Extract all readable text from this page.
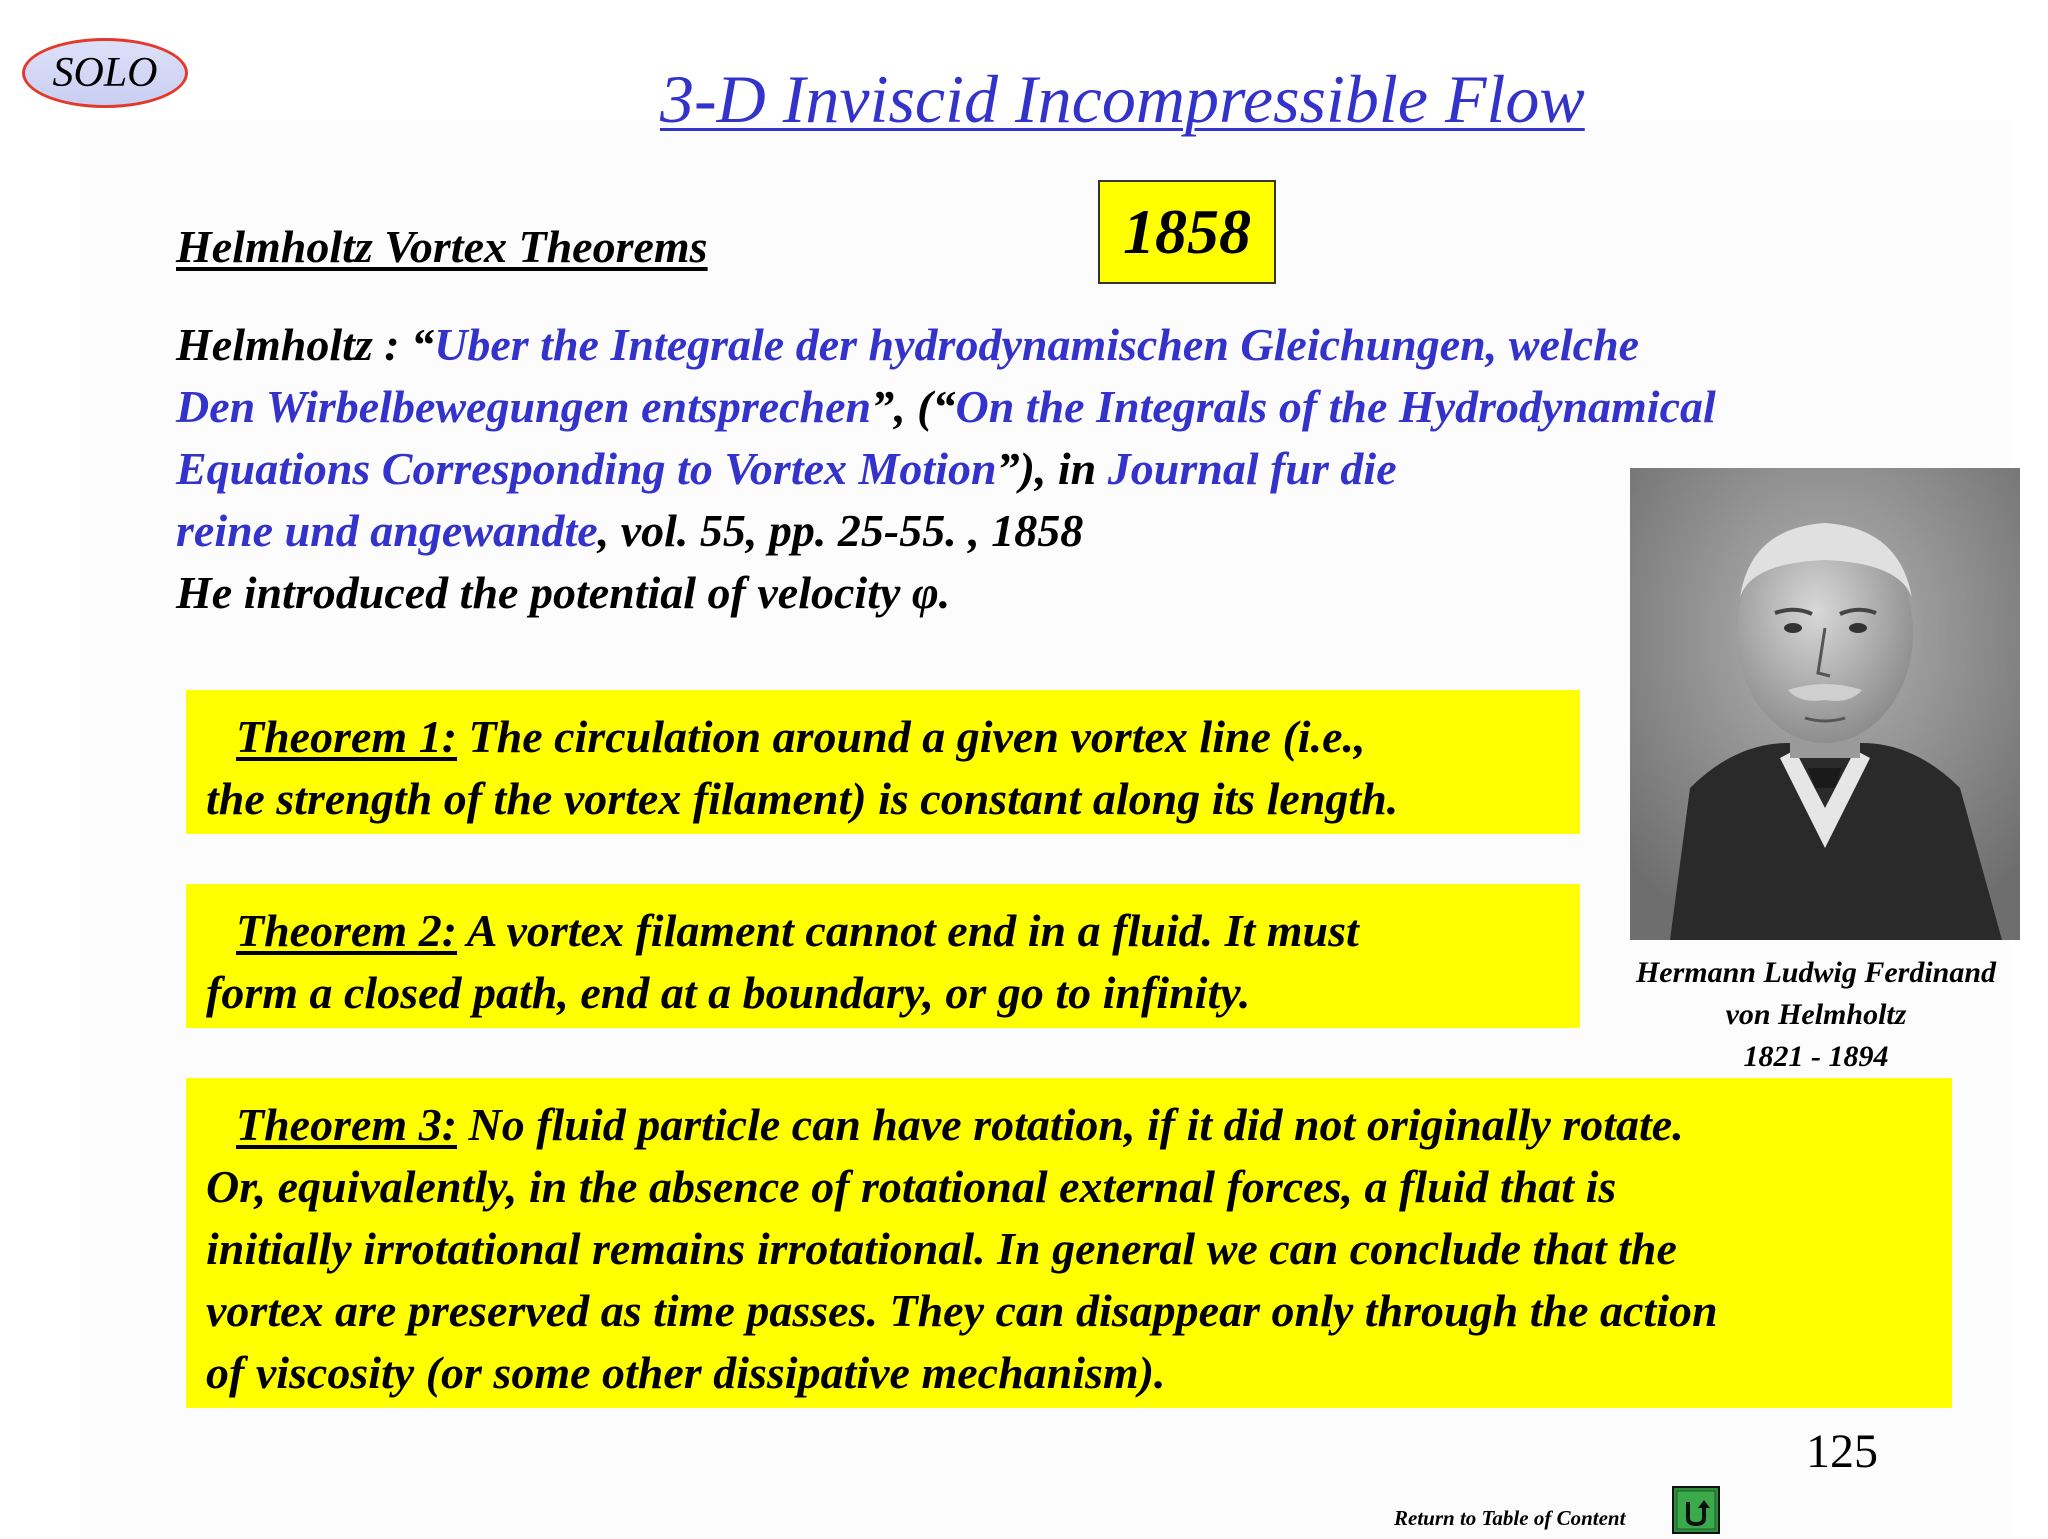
SOLO	3-D Inviscid Incompressible Flow
Helmholtz Vortex Theorems	1858
Helmholtz : “Uber the Integrale der hydrodynamischen Gleichungen, welche
Den Wirbelbewegungen entsprechen”, (“On the Integrals of the Hydrodynamical
Equations Corresponding to Vortex Motion”), in Journal fur die
reine und angewandte, vol. 55, pp. 25-55. , 1858
He introduced the potential of velocity φ.
Theorem 1: The circulation around a given vortex line (i.e.,
the strength of the vortex filament) is constant along its length.
Theorem 2: A vortex filament cannot end in a fluid. It must
form a closed path, end at a boundary, or go to infinity.
Theorem 3: No fluid particle can have rotation, if it did not originally rotate.
Or, equivalently, in the absence of rotational external forces, a fluid that is
initially irrotational remains irrotational. In general we can conclude that the
vortex are preserved as time passes. They can disappear only through the action
of viscosity (or some other dissipative mechanism).
Hermann Ludwig Ferdinand
von Helmholtz
1821 - 1894
125
Return to Table of Content
